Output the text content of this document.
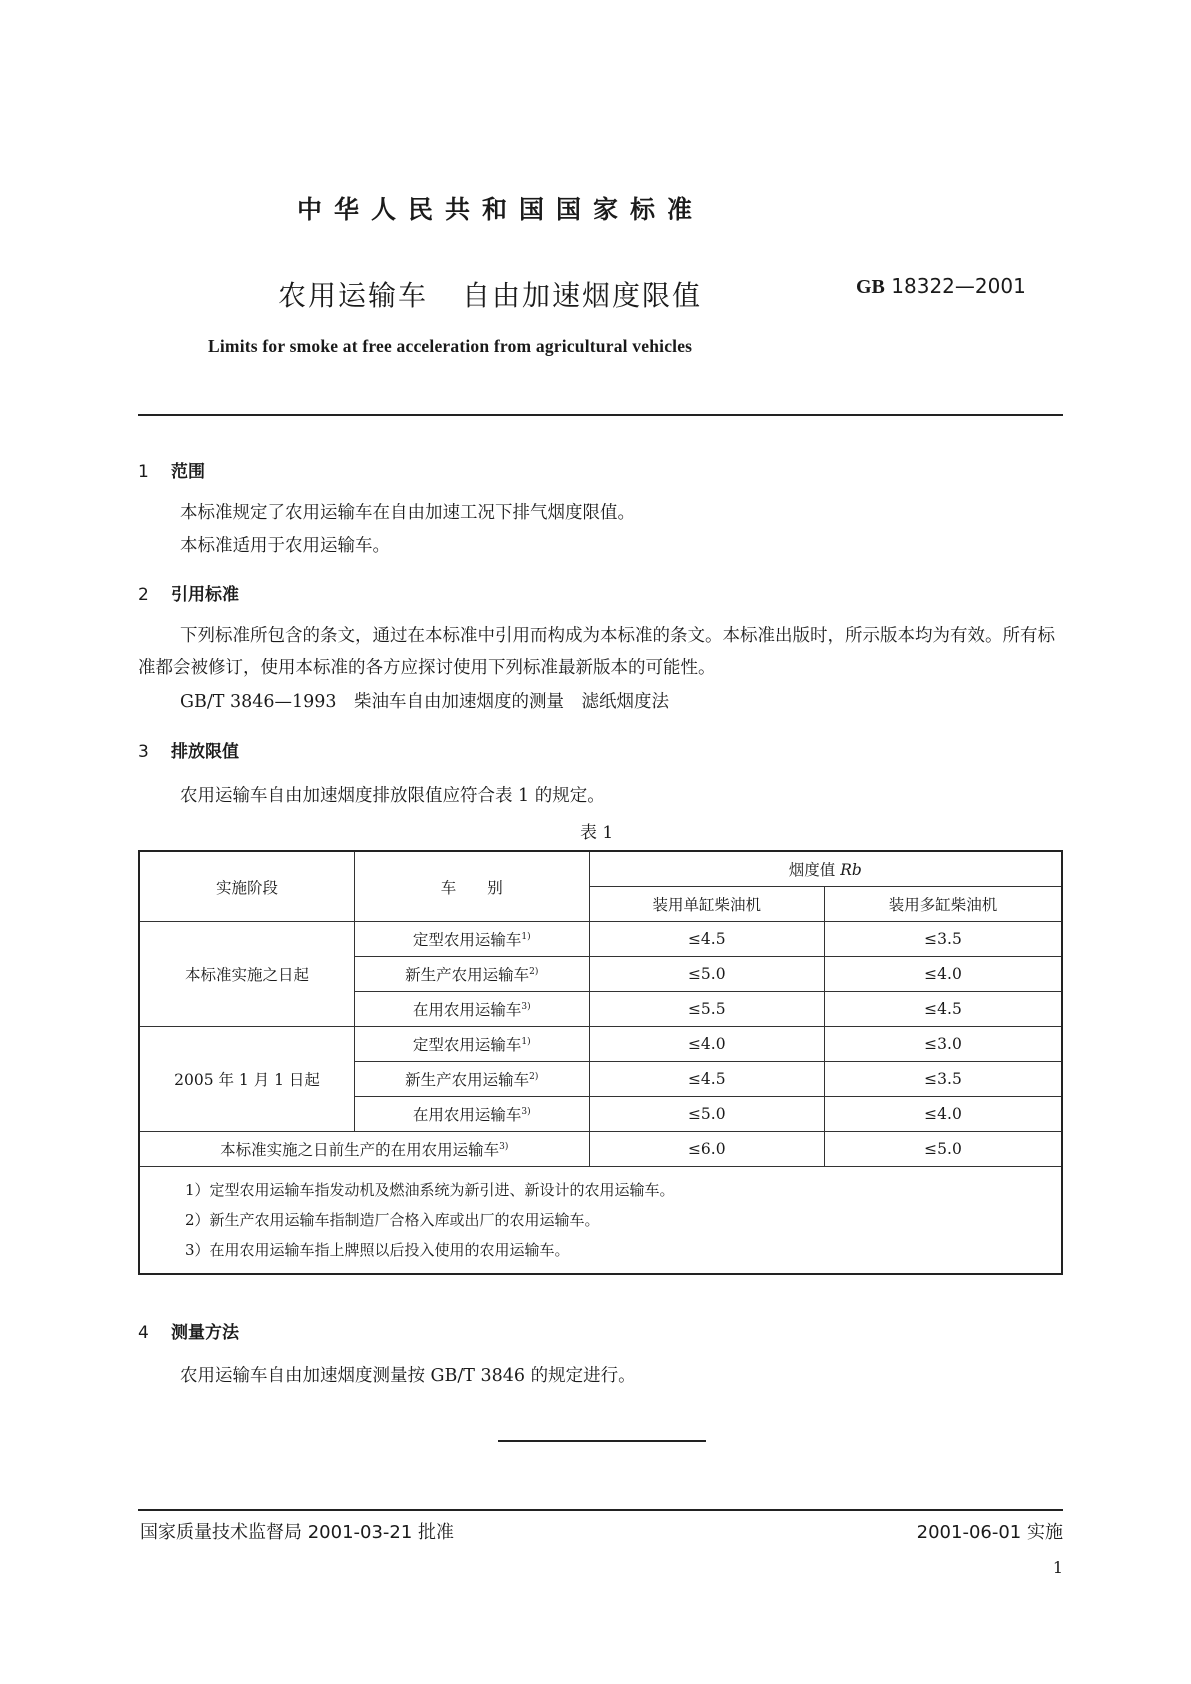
中华人民共和国国家标准
农用运输车 自由加速烟度限值	GB 18322—2001
Limits for smoke at free acceleration from agricultural vehicles
1 范围
本标准规定了农用运输车在自由加速工况下排气烟度限值。
本标准适用于农用运输车。
2 引用标准
下列标准所包含的条文，通过在本标准中引用而构成为本标准的条文。本标准出版时，所示版本均为有效。所有标准都会被修订，使用本标准的各方应探讨使用下列标准最新版本的可能性。
GB/T 3846—1993　 柴油车自由加速烟度的测量　 滤纸烟度法
3 排放限值
农用运输车自由加速烟度排放限值应符合表 1 的规定。
表 1
实施阶段	车　　别	烟度值 Rb	
		装用单缸柴油机	装用多缸柴油机
本标准实施之日起	定型农用运输车$^{1)}$	≤4.5	≤3.5
	新生产农用运输车$^{2)}$	≤5.0	≤4.0
	在用农用运输车$^{3)}$	≤5.5	≤4.5
2005 年 1 月 1 日起	定型农用运输车$^{1)}$	≤4.0	≤3.0
	新生产农用运输车$^{2)}$	≤4.5	≤3.5
	在用农用运输车$^{3)}$	≤5.0	≤4.0
本标准实施之日前生产的在用农用运输车$^{3)}$		≤6.0	≤5.0

1）定型农用运输车指发动机及燃油系统为新引进、新设计的农用运输车。
2）新生产农用运输车指制造厂合格入库或出厂的农用运输车。
3）在用农用运输车指上牌照以后投入使用的农用运输车。			
4 测量方法
农用运输车自由加速烟度测量按 GB/T 3846 的规定进行。
国家质量技术监督局 2001-03-21 批准	2001-06-01 实施
1
